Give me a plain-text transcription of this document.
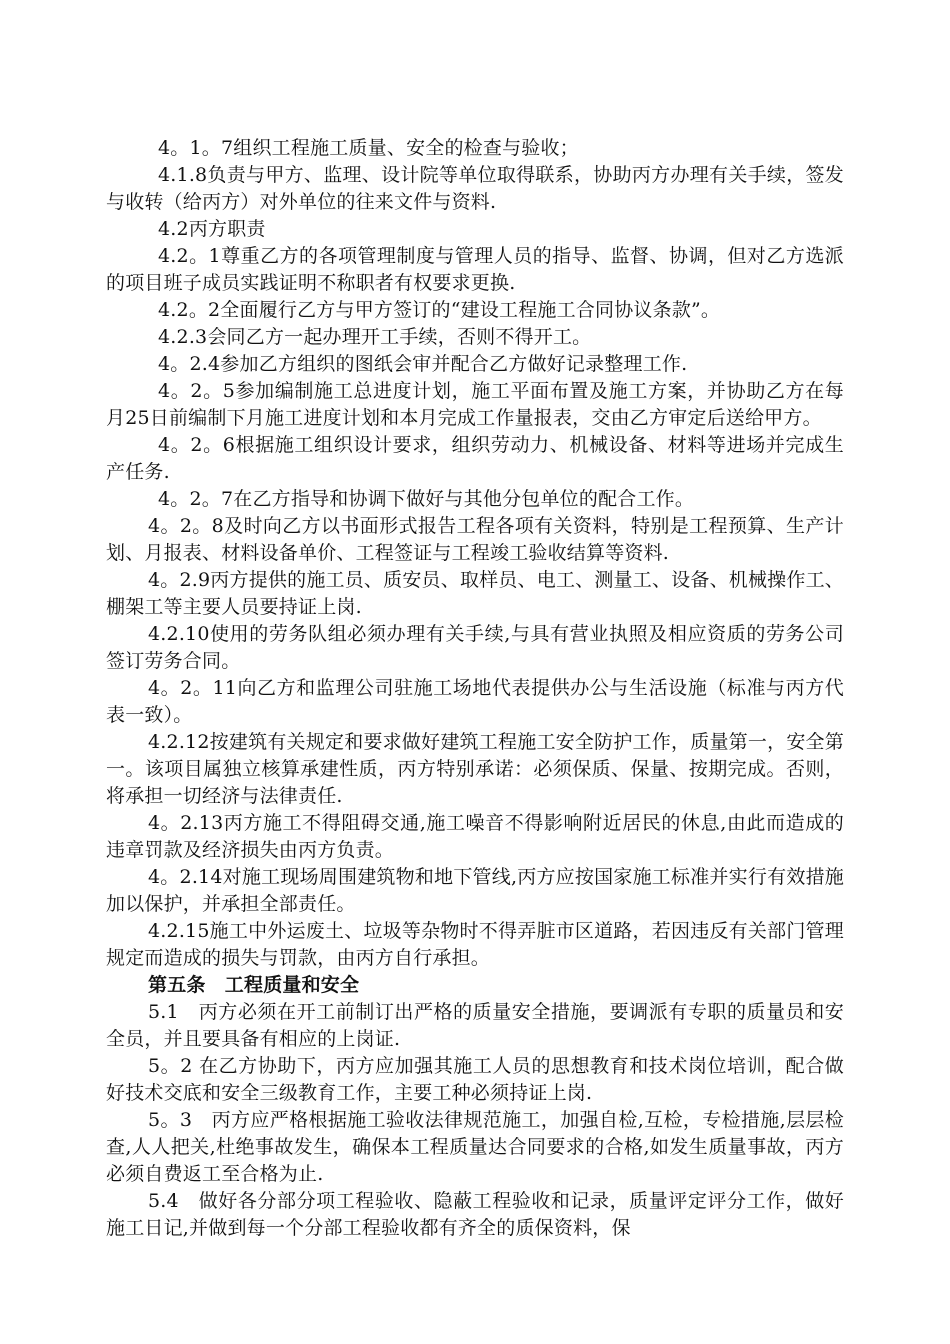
4。1。7组织工程施工质量、安全的检查与验收；

4.1.8负责与甲方、监理、设计院等单位取得联系，协助丙方办理有关手续，签发与收转（给丙方）对外单位的往来文件与资料.

4.2丙方职责

4.2。1尊重乙方的各项管理制度与管理人员的指导、监督、协调，但对乙方选派的项目班子成员实践证明不称职者有权要求更换.

4.2。2全面履行乙方与甲方签订的“建设工程施工合同协议条款”。

4.2.3会同乙方一起办理开工手续，否则不得开工。

4。2.4参加乙方组织的图纸会审并配合乙方做好记录整理工作.

4。2。5参加编制施工总进度计划，施工平面布置及施工方案，并协助乙方在每月25日前编制下月施工进度计划和本月完成工作量报表，交由乙方审定后送给甲方。

4。2。6根据施工组织设计要求，组织劳动力、机械设备、材料等进场并完成生产任务.

4。2。7在乙方指导和协调下做好与其他分包单位的配合工作。

4。2。8及时向乙方以书面形式报告工程各项有关资料，特别是工程预算、生产计划、月报表、材料设备单价、工程签证与工程竣工验收结算等资料.

4。2.9丙方提供的施工员、质安员、取样员、电工、测量工、设备、机械操作工、棚架工等主要人员要持证上岗.

4.2.10使用的劳务队组必须办理有关手续,与具有营业执照及相应资质的劳务公司签订劳务合同。

4。2。11向乙方和监理公司驻施工场地代表提供办公与生活设施（标准与丙方代表一致）。

4.2.12按建筑有关规定和要求做好建筑工程施工安全防护工作，质量第一，安全第一。该项目属独立核算承建性质，丙方特别承诺：必须保质、保量、按期完成。否则，将承担一切经济与法律责任.

4。2.13丙方施工不得阻碍交通,施工噪音不得影响附近居民的休息,由此而造成的违章罚款及经济损失由丙方负责。

4。2.14对施工现场周围建筑物和地下管线,丙方应按国家施工标准并实行有效措施加以保护，并承担全部责任。

4.2.15施工中外运废土、垃圾等杂物时不得弄脏市区道路，若因违反有关部门管理规定而造成的损失与罚款，由丙方自行承担。

第五条　工程质量和安全

5.1　丙方必须在开工前制订出严格的质量安全措施，要调派有专职的质量员和安全员，并且要具备有相应的上岗证.

5。2 在乙方协助下，丙方应加强其施工人员的思想教育和技术岗位培训，配合做好技术交底和安全三级教育工作，主要工种必须持证上岗.

5。3　丙方应严格根据施工验收法律规范施工，加强自检,互检，专检措施,层层检查,人人把关,杜绝事故发生，确保本工程质量达合同要求的合格,如发生质量事故，丙方必须自费返工至合格为止.

5.4　做好各分部分项工程验收、隐蔽工程验收和记录，质量评定评分工作，做好施工日记,并做到每一个分部工程验收都有齐全的质保资料，保
